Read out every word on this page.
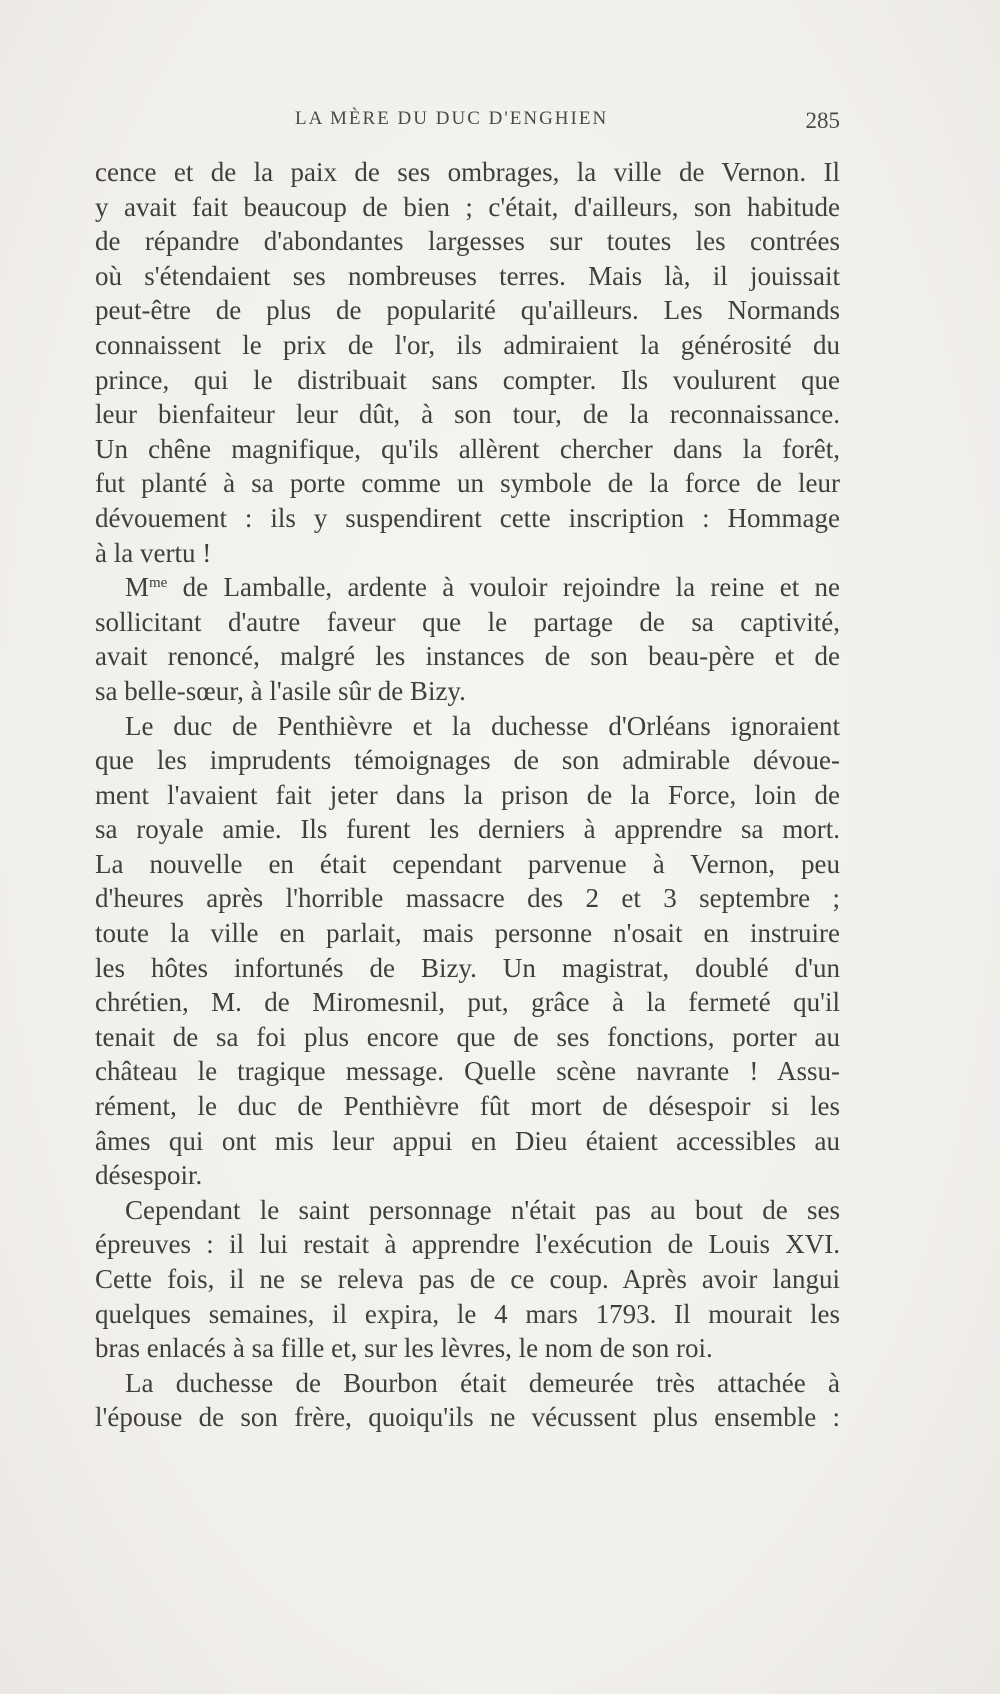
LA MÈRE DU DUC D'ENGHIEN	285
cence et de la paix de ses ombrages, la ville de Vernon. Il
y avait fait beaucoup de bien ; c'était, d'ailleurs, son habitude
de répandre d'abondantes largesses sur toutes les contrées
où s'étendaient ses nombreuses terres. Mais là, il jouissait
peut-être de plus de popularité qu'ailleurs. Les Normands
connaissent le prix de l'or, ils admiraient la générosité du
prince, qui le distribuait sans compter. Ils voulurent que
leur bienfaiteur leur dût, à son tour, de la reconnaissance.
Un chêne magnifique, qu'ils allèrent chercher dans la forêt,
fut planté à sa porte comme un symbole de la force de leur
dévouement : ils y suspendirent cette inscription : Hommage
à la vertu !
$M^{me}$ de Lamballe, ardente à vouloir rejoindre la reine et ne
sollicitant d'autre faveur que le partage de sa captivité,
avait renoncé, malgré les instances de son beau-père et de
sa belle-sœur, à l'asile sûr de Bizy.
Le duc de Penthièvre et la duchesse d'Orléans ignoraient
que les imprudents témoignages de son admirable dévoue-
ment l'avaient fait jeter dans la prison de la Force, loin de
sa royale amie. Ils furent les derniers à apprendre sa mort.
La nouvelle en était cependant parvenue à Vernon, peu
d'heures après l'horrible massacre des 2 et 3 septembre ;
toute la ville en parlait, mais personne n'osait en instruire
les hôtes infortunés de Bizy. Un magistrat, doublé d'un
chrétien, M. de Miromesnil, put, grâce à la fermeté qu'il
tenait de sa foi plus encore que de ses fonctions, porter au
château le tragique message. Quelle scène navrante ! Assu-
rément, le duc de Penthièvre fût mort de désespoir si les
âmes qui ont mis leur appui en Dieu étaient accessibles au
désespoir.
Cependant le saint personnage n'était pas au bout de ses
épreuves : il lui restait à apprendre l'exécution de Louis XVI.
Cette fois, il ne se releva pas de ce coup. Après avoir langui
quelques semaines, il expira, le 4 mars 1793. Il mourait les
bras enlacés à sa fille et, sur les lèvres, le nom de son roi.
La duchesse de Bourbon était demeurée très attachée à
l'épouse de son frère, quoiqu'ils ne vécussent plus ensemble :
